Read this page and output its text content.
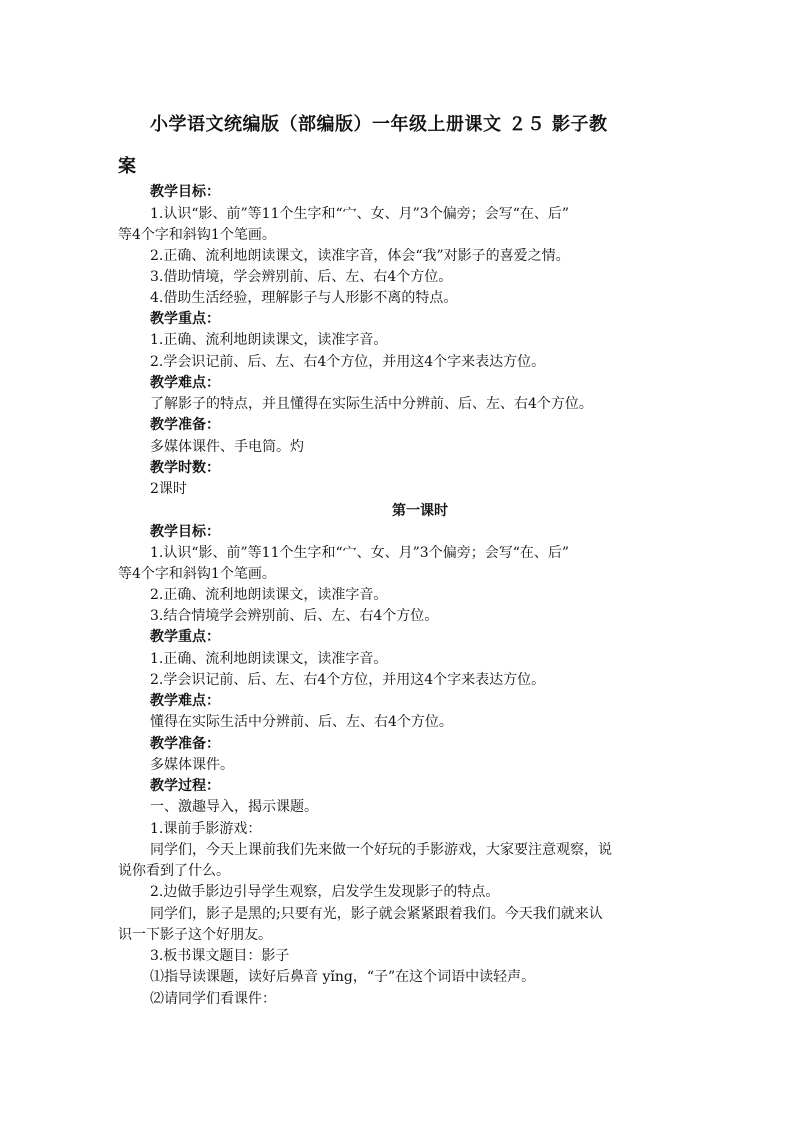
小学语文统编版（部编版）一年级上册课文 ２５ 影子教
案
教学目标：
1.认识“影、前”等11个生字和“宀、女、月”3个偏旁；会写“在、后”
等4个字和斜钩1个笔画。
2.正确、流利地朗读课文，读准字音，体会“我”对影子的喜爱之情。
3.借助情境，学会辨别前、后、左、右4个方位。
4.借助生活经验，理解影子与人形影不离的特点。
教学重点：
1.正确、流利地朗读课文，读准字音。
2.学会识记前、后、左、右4个方位，并用这4个字来表达方位。
教学难点：
了解影子的特点，并且懂得在实际生活中分辨前、后、左、右4个方位。
教学准备：
多媒体课件、手电筒。灼
教学时数：
2课时
第一课时
教学目标：
1.认识“影、前”等11个生字和“宀、女、月”3个偏旁；会写“在、后”
等4个字和斜钩1个笔画。
2.正确、流利地朗读课文，读准字音。
3.结合情境学会辨别前、后、左、右4个方位。
教学重点：
1.正确、流利地朗读课文，读准字音。
2.学会识记前、后、左、右4个方位，并用这4个字来表达方位。
教学难点：
懂得在实际生活中分辨前、后、左、右4个方位。
教学准备：
多媒体课件。
教学过程：
一、激趣导入，揭示课题。
1.课前手影游戏：
同学们，今天上课前我们先来做一个好玩的手影游戏，大家要注意观察，说
说你看到了什么。
2.边做手影边引导学生观察，启发学生发现影子的特点。
同学们，影子是黑的;只要有光，影子就会紧紧跟着我们。今天我们就来认
识一下影子这个好朋友。
3.板书课文题目：影子
⑴指导读课题，读好后鼻音 yǐng，“子”在这个词语中读轻声。
⑵请同学们看课件：
